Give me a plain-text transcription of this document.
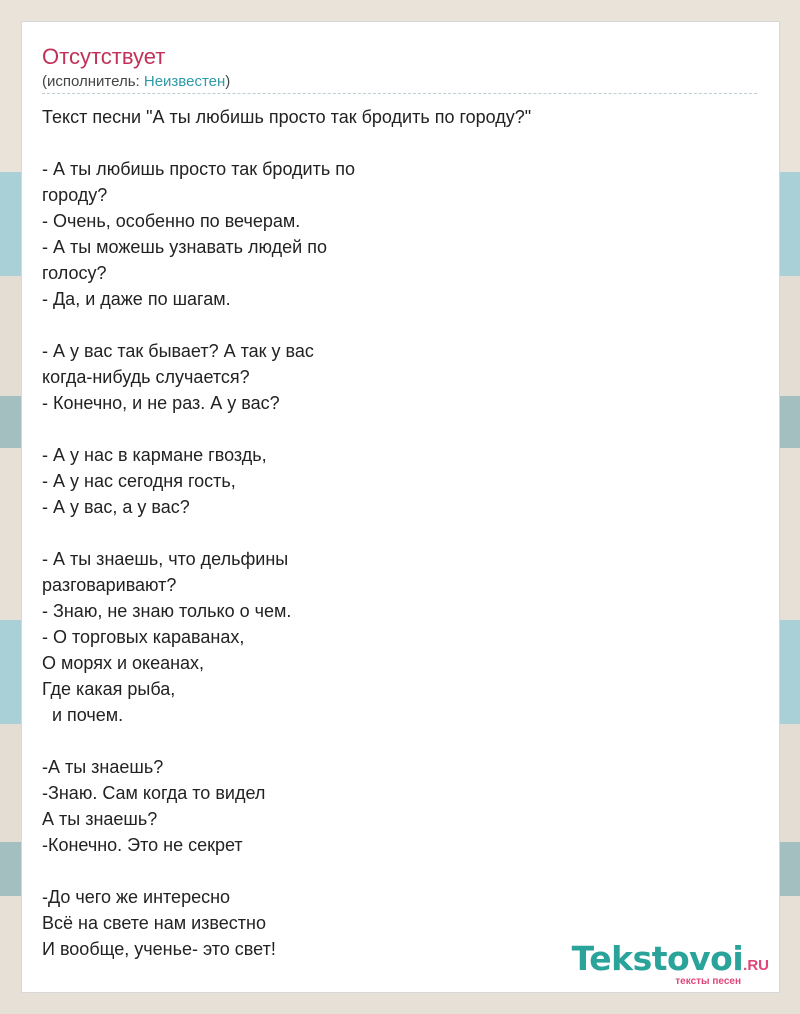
Отсутствует
(исполнитель: Неизвестен)
Текст песни "А ты любишь просто так бродить по городу?"

- А ты любишь просто так бродить по
городу?
- Очень, особенно по вечерам.
- А ты можешь узнавать людей по
голосу?
- Да, и даже по шагам.

- А у вас так бывает? А так у вас
когда-нибудь случается?
- Конечно, и не раз. А у вас?

- А у нас в кармане гвоздь,
- А у нас сегодня гость,
- А у вас, а у вас?

- А ты знаешь, что дельфины
разговаривают?
- Знаю, не знаю только о чем.
- О торговых караванах,
О морях и океанах,
Где какая рыба,
и почем.

-А ты знаешь?
-Знаю. Сам когда то видел
А ты знаешь?
-Конечно. Это не секрет

-До чего же интересно
Всё на свете нам известно
И вообще, ученье- это свет!	Tekstovoi.RU
тексты песен
